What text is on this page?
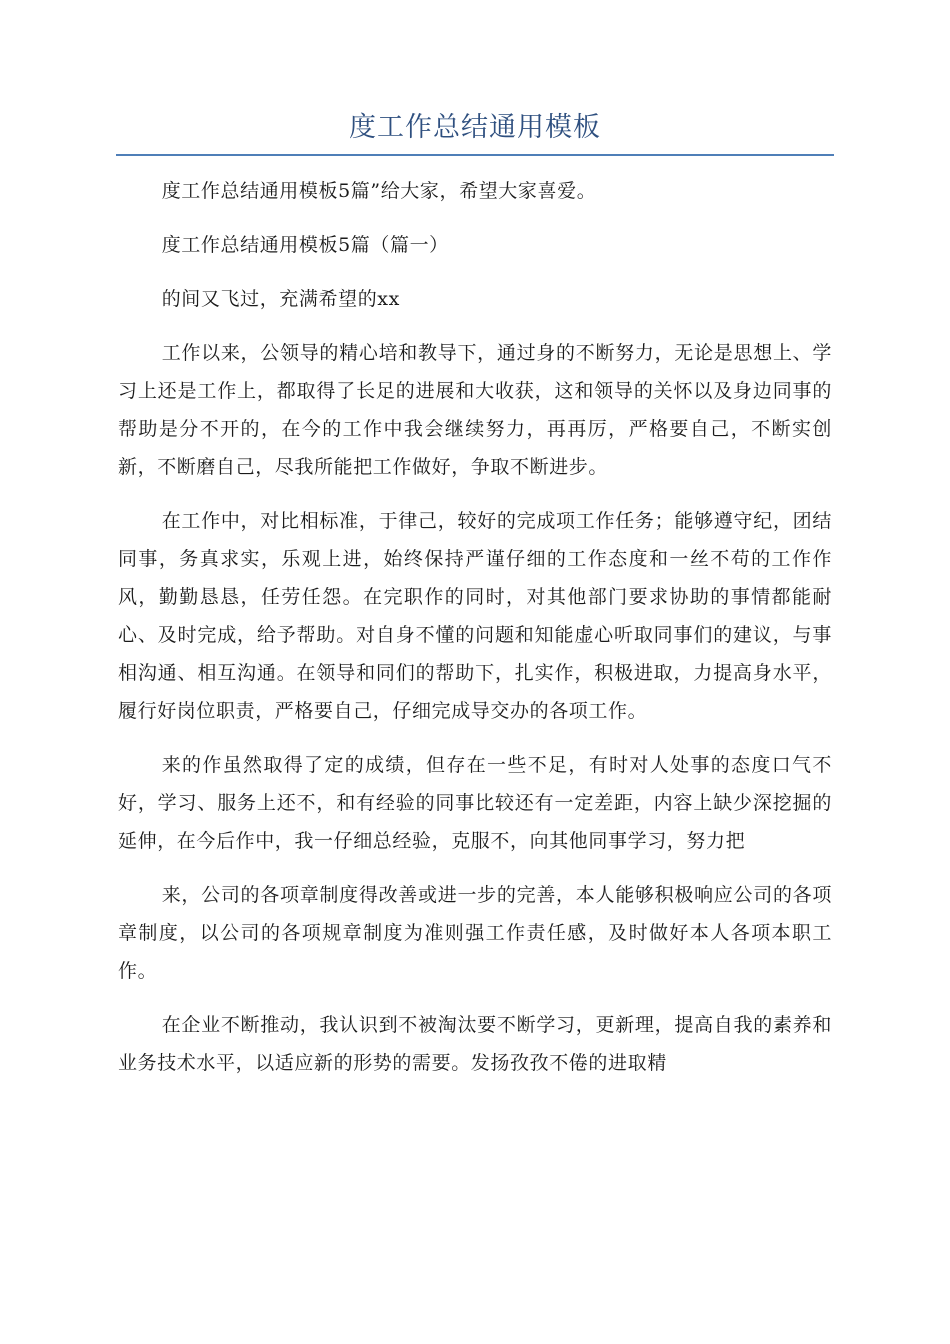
度工作总结通用模板

度工作总结通用模板5篇”给大家，希望大家喜爱。

度工作总结通用模板5篇（篇一）

的间又飞过，充满希望的xx

工作以来，公领导的精心培和教导下，通过身的不断努力，无论是思想上、学习上还是工作上，都取得了长足的进展和大收获，这和领导的关怀以及身边同事的帮助是分不开的，在今的工作中我会继续努力，再再厉，严格要自己，不断实创新，不断磨自己，尽我所能把工作做好，争取不断进步。

在工作中，对比相标准，于律己，较好的完成项工作任务；能够遵守纪，团结同事，务真求实，乐观上进，始终保持严谨仔细的工作态度和一丝不苟的工作作风，勤勤恳恳，任劳任怨。在完职作的同时，对其他部门要求协助的事情都能耐心、及时完成，给予帮助。对自身不懂的问题和知能虚心听取同事们的建议，与事相沟通、相互沟通。在领导和同们的帮助下，扎实作，积极进取，力提高身水平，履行好岗位职责，严格要自己，仔细完成导交办的各项工作。

来的作虽然取得了定的成绩，但存在一些不足，有时对人处事的态度口气不好，学习、服务上还不，和有经验的同事比较还有一定差距，内容上缺少深挖掘的延伸，在今后作中，我一仔细总经验，克服不，向其他同事学习，努力把

来，公司的各项章制度得改善或进一步的完善，本人能够积极响应公司的各项章制度，以公司的各项规章制度为准则强工作责任感，及时做好本人各项本职工作。

在企业不断推动，我认识到不被淘汰要不断学习，更新理，提高自我的素养和业务技术水平，以适应新的形势的需要。发扬孜孜不倦的进取精
